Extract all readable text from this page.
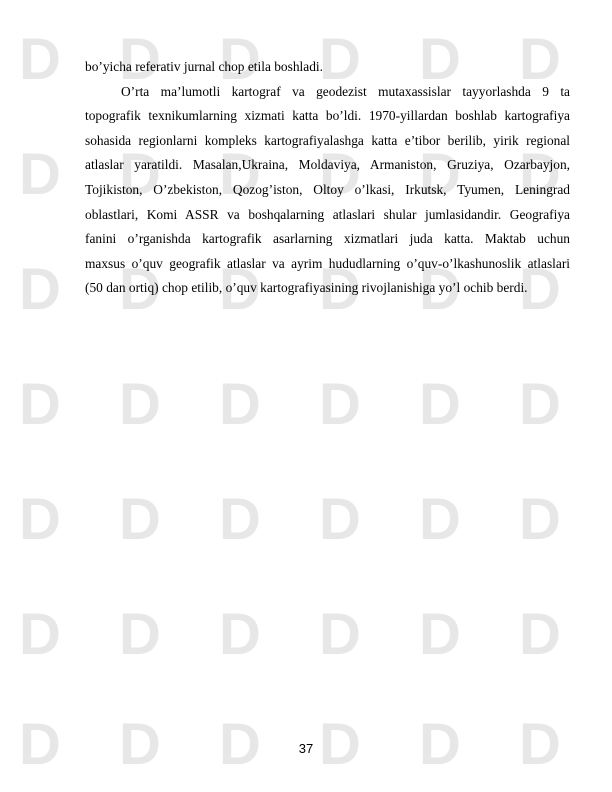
D D D D D D
D D D D D D
D D D D D D
D D D D D D
D D D D D D
D D D D D D
D D D D D D
bo’yicha referativ jurnal chop etila boshladi.
O’rta ma’lumotli kartograf va geodezist mutaxassislar tayyorlashda 9 ta
topografik texnikumlarning xizmati katta bo’ldi. 1970-yillardan boshlab kartografiya
sohasida regionlarni kompleks kartografiyalashga katta e’tibor berilib, yirik regional
atlaslar yaratildi. Masalan,Ukraina, Moldaviya, Armaniston, Gruziya, Ozarbayjon,
Tojikiston, O’zbekiston, Qozog’iston, Oltoy o’lkasi, Irkutsk, Tyumen, Leningrad
oblastlari, Komi ASSR va boshqalarning atlaslari shular jumlasidandir. Geografiya
fanini o’rganishda kartografik asarlarning xizmatlari juda katta. Maktab uchun
maxsus o’quv geografik atlaslar va ayrim hududlarning o’quv-o’lkashunoslik atlaslari
(50 dan ortiq) chop etilib, o’quv kartografiyasining rivojlanishiga yo’l ochib berdi.
37
